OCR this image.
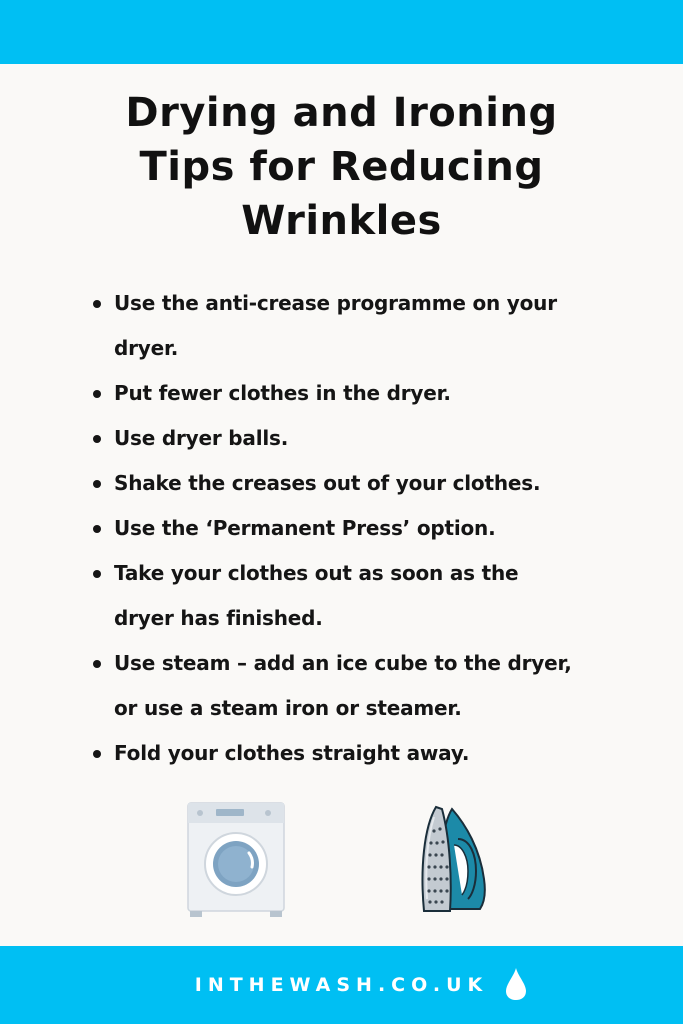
Drying and Ironing
Tips for Reducing
Wrinkles
Use the anti-crease programme on your
dryer.
Put fewer clothes in the dryer.
Use dryer balls.
Shake the creases out of your clothes.
Use the ‘Permanent Press’ option.
Take your clothes out as soon as the
dryer has finished.
Use steam – add an ice cube to the dryer,
or use a steam iron or steamer.
Fold your clothes straight away.
INTHEWASH.CO.UK
